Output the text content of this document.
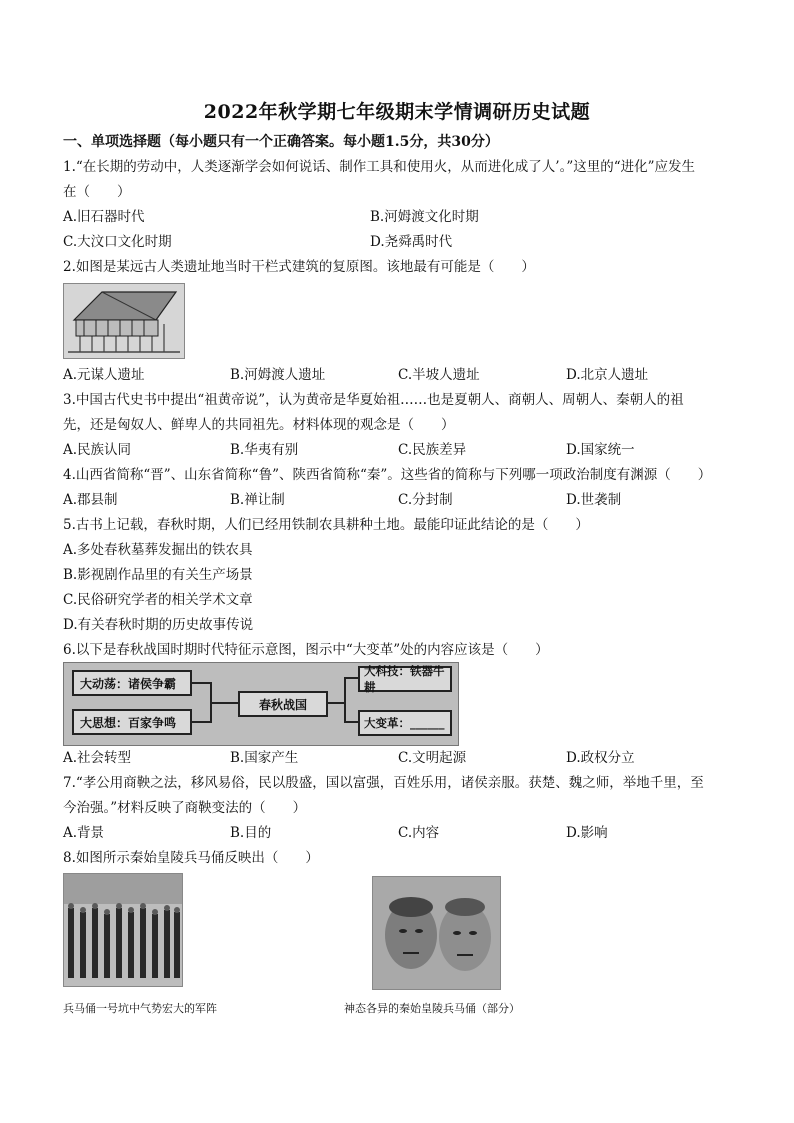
2022年秋学期七年级期末学情调研历史试题
一、单项选择题（每小题只有一个正确答案。每小题1.5分，共30分）
1.“在长期的劳动中，人类逐渐学会如何说话、制作工具和使用火，从而进化成了人’。”这里的“进化”应发生
在（　　）
A.旧石器时代	B.河姆渡文化时期
C.大汶口文化时期	D.尧舜禹时代
2.如图是某远古人类遗址地当时干栏式建筑的复原图。该地最有可能是（　　）
A.元谋人遗址	B.河姆渡人遗址	C.半坡人遗址	D.北京人遗址
3.中国古代史书中提出“祖黄帝说”，认为黄帝是华夏始祖……也是夏朝人、商朝人、周朝人、秦朝人的祖
先，还是匈奴人、鲜卑人的共同祖先。材料体现的观念是（　　）
A.民族认同	B.华夷有别	C.民族差异	D.国家统一
4.山西省简称“晋”、山东省简称“鲁”、陕西省简称“秦”。这些省的简称与下列哪一项政治制度有渊源（　　）
A.郡县制	B.禅让制	C.分封制	D.世袭制
5.古书上记载，春秋时期，人们已经用铁制农具耕种土地。最能印证此结论的是（　　）
A.多处春秋墓葬发掘出的铁农具
B.影视剧作品里的有关生产场景
C.民俗研究学者的相关学术文章
D.有关春秋时期的历史故事传说
6.以下是春秋战国时期时代特征示意图，图示中“大变革”处的内容应该是（　　）
大动荡：诸侯争霸
大思想：百家争鸣
春秋战国
大科技：铁器牛耕
大变革：______
A.社会转型	B.国家产生	C.文明起源	D.政权分立
7.“孝公用商鞅之法，移风易俗，民以殷盛，国以富强，百姓乐用，诸侯亲服。获楚、魏之师，举地千里，至
今治强。”材料反映了商鞅变法的（　　）
A.背景	B.目的	C.内容	D.影响
8.如图所示秦始皇陵兵马俑反映出（　　）
兵马俑一号坑中气势宏大的军阵	神态各异的秦始皇陵兵马俑（部分）
